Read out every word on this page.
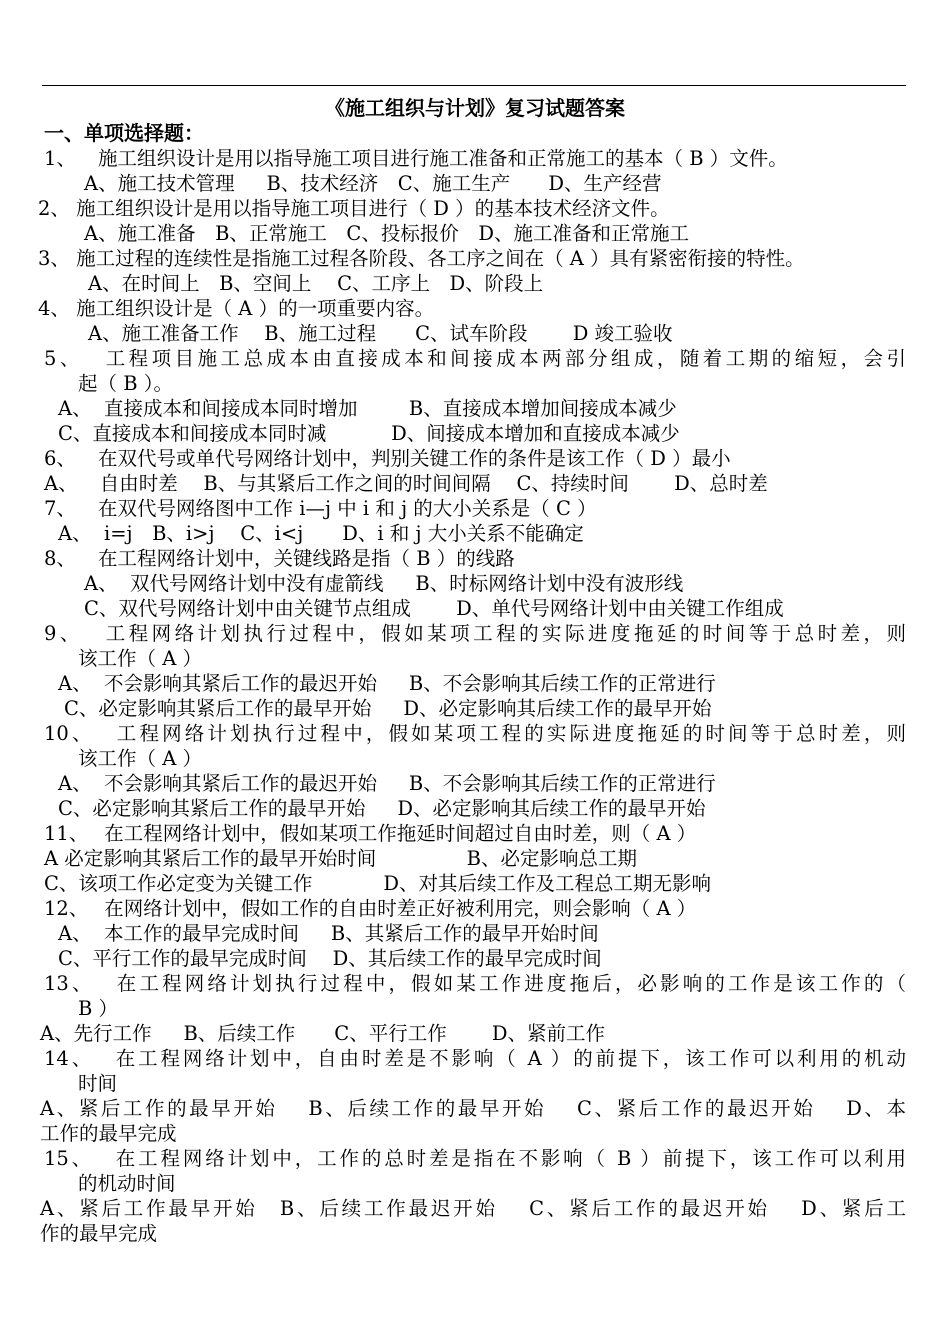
《施工组织与计划》复习试题答案
一、单项选择题：
1、　  施工组织设计是用以指导施工项目进行施工准备和正常施工的基本（ B ）文件。
A、施工技术管理　  B、技术经济　C、施工生产　   D、生产经营
2、 施工组织设计是用以指导施工项目进行（ D ）的基本技术经济文件。
A、施工准备　B、正常施工　C、投标报价　D、施工准备和正常施工
3、 施工过程的连续性是指施工过程各阶段、各工序之间在（ A ）具有紧密衔接的特性。
A、在时间上　B、空间上　 C、工序上　D、阶段上
4、 施工组织设计是（ A ）的一项重要内容。
A、施工准备工作　 B、施工过程　　C、试车阶段　　 D 竣工验收
5、　 工程项目施工总成本由直接成本和间接成本两部分组成，随着工期的缩短，会引
起（ B ）。
A、  直接成本和间接成本同时增加　　  B、直接成本增加间接成本减少
C、直接成本和间接成本同时减　　　 D、间接成本增加和直接成本减少
6、　  在双代号或单代号网络计划中，判别关键工作的条件是该工作（ D ）最小
A、　  自由时差　 B、与其紧后工作之间的时间间隔　 C、持续时间　　 D、总时差
7、　  在双代号网络图中工作 i—j 中 i 和 j 的大小关系是（ C ）
A、  i=j　B、i>j　 C、i<j　　D、i 和 j 大小关系不能确定
8、　  在工程网络计划中，关键线路是指（ B ）的线路
A、  双代号网络计划中没有虚箭线　  B、时标网络计划中没有波形线
C、双代号网络计划中由关键节点组成　　 D、单代号网络计划中由关键工作组成
9、　 工程网络计划执行过程中，假如某项工程的实际进度拖延的时间等于总时差，则
该工作（ A ）
A、  不会影响其紧后工作的最迟开始　  B、不会影响其后续工作的正常进行
C、必定影响其紧后工作的最早开始　  D、必定影响其后续工作的最早开始
10、　 工程网络计划执行过程中，假如某项工程的实际进度拖延的时间等于总时差，则
该工作（ A ）
A、  不会影响其紧后工作的最迟开始　  B、不会影响其后续工作的正常进行
C、必定影响其紧后工作的最早开始　  D、必定影响其后续工作的最早开始
11、　 在工程网络计划中，假如某项工作拖延时间超过自由时差，则（ A ）
A 必定影响其紧后工作的最早开始时间　　　　  B、必定影响总工期
C、该项工作必定变为关键工作　　　  D、对其后续工作及工程总工期无影响
12、　 在网络计划中，假如工作的自由时差正好被利用完，则会影响（ A ）
A、  本工作的最早完成时间　  B、其紧后工作的最早开始时间
C、平行工作的最早完成时间　 D、其后续工作的最早完成时间
13、　 在工程网络计划执行过程中，假如某工作进度拖后，必影响的工作是该工作的（
B ）
A、先行工作　  B、后续工作　　C、平行工作　　 D、紧前工作
14、　 在工程网络计划中，自由时差是不影响（ A ）的前提下，该工作可以利用的机动
时间
A、紧后工作的最早开始　 B、后续工作的最早开始　 C、紧后工作的最迟开始　 D、本
工作的最早完成
15、　 在工程网络计划中，工作的总时差是指在不影响（ B ）前提下，该工作可以利用
的机动时间
A、紧后工作最早开始　B、后续工作最迟开始　 C、紧后工作的最迟开始　 D、紧后工
作的最早完成
